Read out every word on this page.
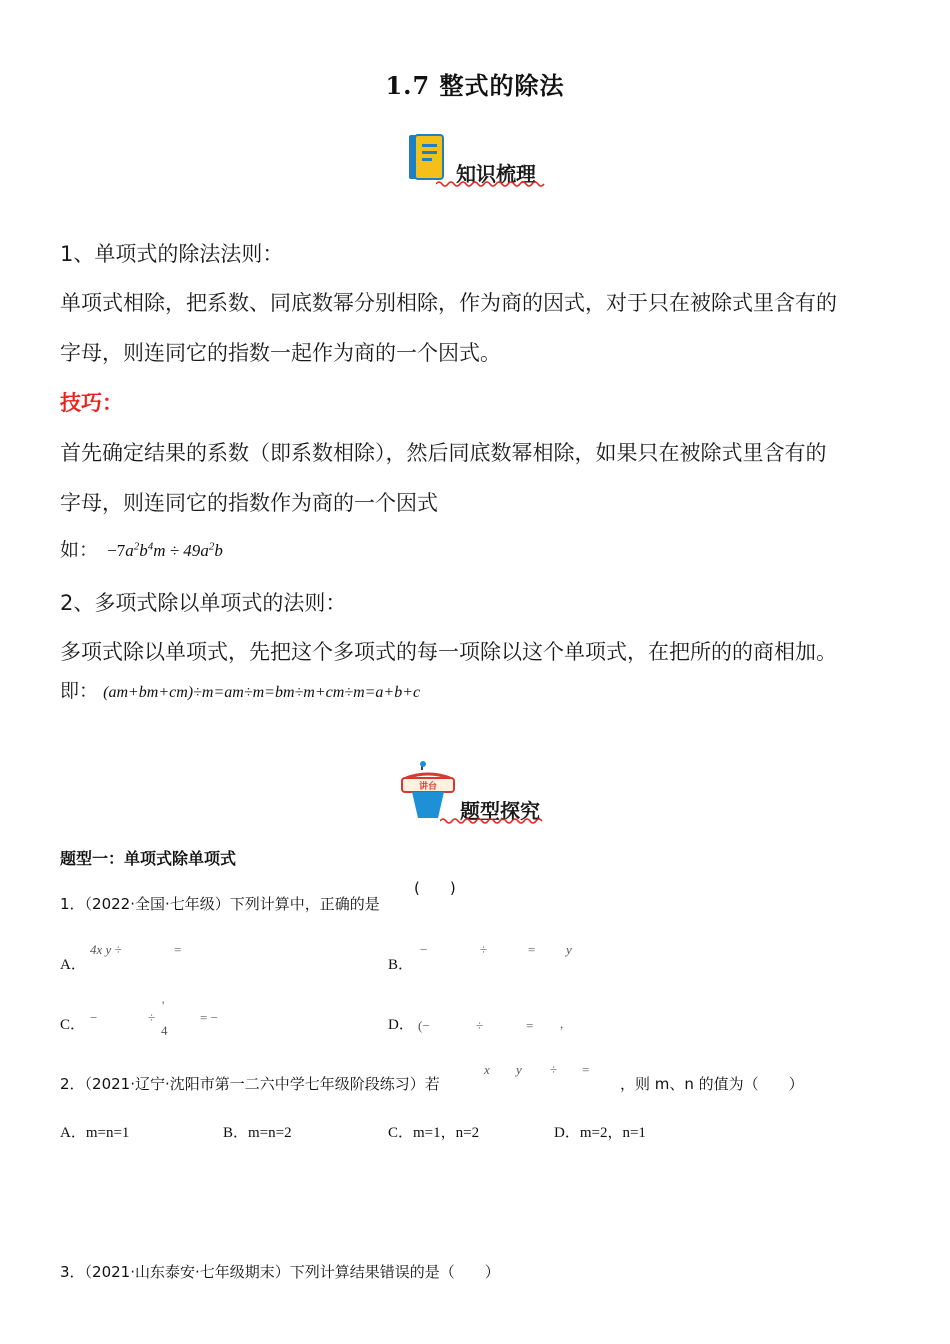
1.7 整式的除法
知识梳理
1、单项式的除法法则：
单项式相除，把系数、同底数幂分别相除，作为商的因式，对于只在被除式里含有的
字母，则连同它的指数一起作为商的一个因式。
技巧：
首先确定结果的系数（即系数相除），然后同底数幂相除，如果只在被除式里含有的
字母，则连同它的指数作为商的一个因式
如： $-7a^2b^4m \div 49a^2b$
2、多项式除以单项式的法则：
多项式除以单项式，先把这个多项式的每一项除以这个单项式，在把所的的商相加。
即： (am+bm+cm)÷m=am÷m=bm÷m+cm÷m=a+b+c
讲台
题型探究
题型一：单项式除单项式
1．（2022·全国·七年级）下列计算中，正确的是
(　　)
A．
4x y ÷	=
B．
−	÷	= y
C． −
'
÷
4
= −	D． (−	÷	= ,
2．（2021·辽宁·沈阳市第一二六中学七年级阶段练习）若
x y ÷ =
，则 m、n 的值为（　　）
A．m=n=1	B．m=n=2	C．m=1，n=2	D．m=2，n=1
3．（2021·山东泰安·七年级期末）下列计算结果错误的是（　　）
